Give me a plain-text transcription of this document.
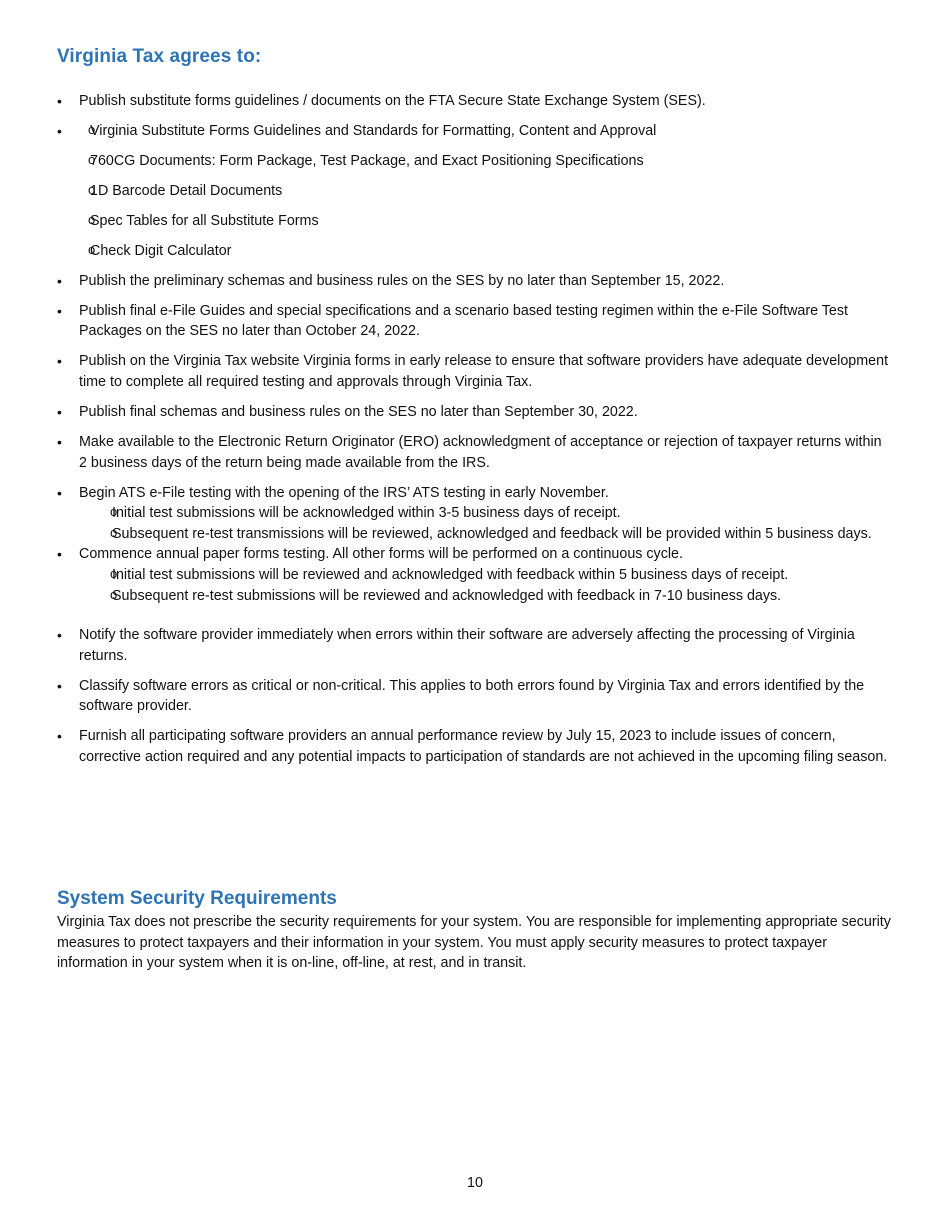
Virginia Tax agrees to:
• Publish substitute forms guidelines / documents on the FTA Secure State Exchange System (SES).
o • Virginia Substitute Forms Guidelines and Standards for Formatting, Content and Approval
o 760CG Documents: Form Package, Test Package, and Exact Positioning Specifications
o 1D Barcode Detail Documents
o Spec Tables for all Substitute Forms
o Check Digit Calculator
• Publish the preliminary schemas and business rules on the SES by no later than September 15, 2022.
• Publish final e-File Guides and special specifications and a scenario based testing regimen within the e-File Software Test Packages on the SES no later than October 24, 2022.
• Publish on the Virginia Tax website Virginia forms in early release to ensure that software providers have adequate development time to complete all required testing and approvals through Virginia Tax.
• Publish final schemas and business rules on the SES no later than September 30, 2022.
• Make available to the Electronic Return Originator (ERO) acknowledgment of acceptance or rejection of taxpayer returns within 2 business days of the return being made available from the IRS.
• Begin ATS e-File testing with the opening of the IRS’ ATS testing in early November.
o Initial test submissions will be acknowledged within 3-5 business days of receipt.
o Subsequent re-test transmissions will be reviewed, acknowledged and feedback will be provided within 5 business days.
• Commence annual paper forms testing. All other forms will be performed on a continuous cycle.
o Initial test submissions will be reviewed and acknowledged with feedback within 5 business days of receipt.
o Subsequent re-test submissions will be reviewed and acknowledged with feedback in 7-10 business days.
• Notify the software provider immediately when errors within their software are adversely affecting the processing of Virginia returns.
• Classify software errors as critical or non-critical. This applies to both errors found by Virginia Tax and errors identified by the software provider.
• Furnish all participating software providers an annual performance review by July 15, 2023 to include issues of concern, corrective action required and any potential impacts to participation of standards are not achieved in the upcoming filing season.
System Security Requirements

Virginia Tax does not prescribe the security requirements for your system. You are responsible for implementing appropriate security measures to protect taxpayers and their information in your system. You must apply security measures to protect taxpayer information in your system when it is on-line, off-line, at rest, and in transit.

10
